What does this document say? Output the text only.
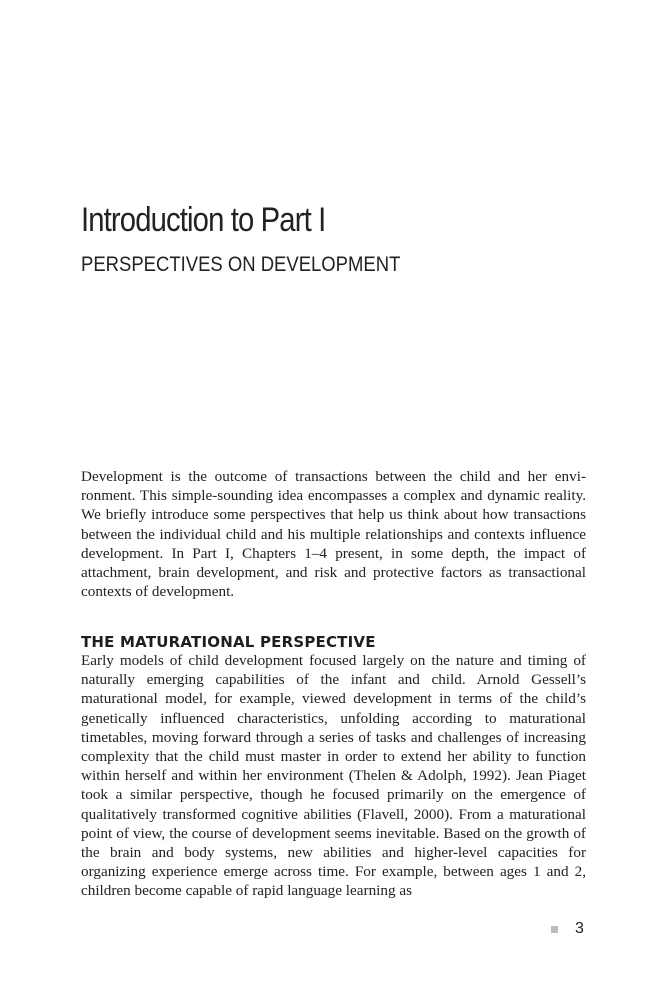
Introduction to Part I
PERSPECTIVES ON DEVELOPMENT

Development is the outcome of transactions between the child and her environment. This simple-sounding idea encompasses a complex and dynamic reality. We briefly introduce some perspectives that help us think about how transactions between the individual child and his multiple relationships and contexts influence development. In Part I, Chapters 1–4 present, in some depth, the impact of attachment, brain development, and risk and protective factors as transactional contexts of development.

THE MATURATIONAL PERSPECTIVE

Early models of child development focused largely on the nature and timing of naturally emerging capabilities of the infant and child. Arnold Gessell’s maturational model, for example, viewed development in terms of the child’s genetically influenced characteristics, unfolding according to maturational timetables, moving forward through a series of tasks and challenges of increasing complexity that the child must master in order to extend her ability to function within herself and within her environment (Thelen & Adolph, 1992). Jean Piaget took a similar perspective, though he focused primarily on the emergence of qualitatively transformed cognitive abilities (Flavell, 2000). From a maturational point of view, the course of development seems inevitable. Based on the growth of the brain and body systems, new abilities and higher-level capacities for organizing experience emerge across time. For example, between ages 1 and 2, children become capable of rapid language learning as

3
